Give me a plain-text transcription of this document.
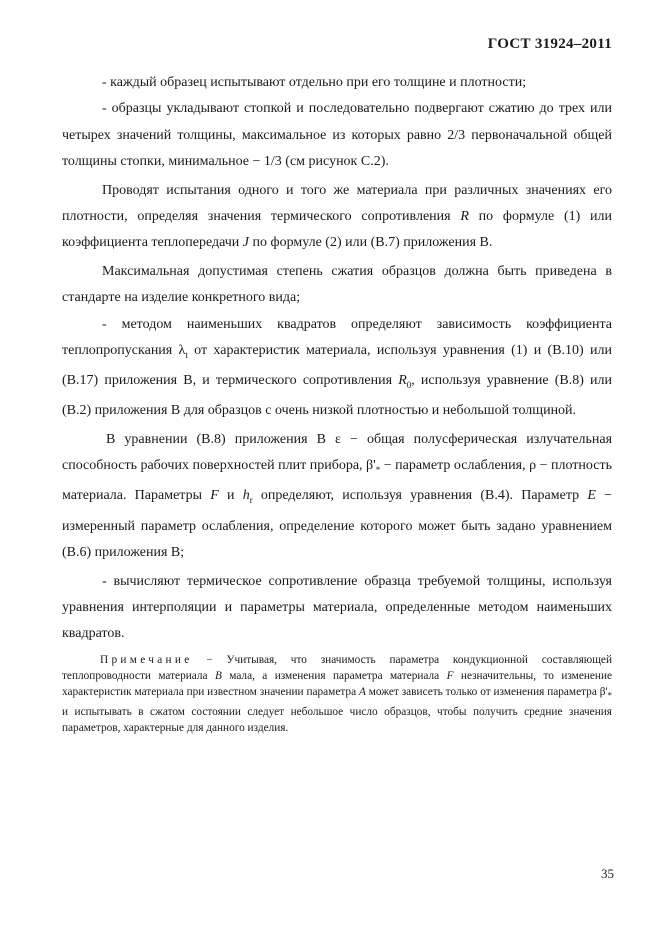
ГОСТ 31924–2011

- каждый образец испытывают отдельно при его толщине и плотности;

- образцы укладывают стопкой и последовательно подвергают сжатию до трех или четырех значений толщины, максимальное из которых равно 2/3 первоначальной общей толщины стопки, минимальное − 1/3 (см рисунок С.2).

Проводят испытания одного и того же материала при различных значениях его плотности, определяя значения термического сопротивления R по формуле (1) или коэффициента теплопередачи J по формуле (2) или (В.7) приложения В.

Максимальная допустимая степень сжатия образцов должна быть приведена в стандарте на изделие конкретного вида;

- методом наименьших квадратов определяют зависимость коэффициента теплопропускания $\lambda_t$ от характеристик материала, используя уравнения (1) и (В.10) или (В.17) приложения В, и термического сопротивления $R_0$, используя уравнение (В.8) или (В.2) приложения В для образцов с очень низкой плотностью и небольшой толщиной.

В уравнении (В.8) приложения В ε − общая полусферическая излучательная способность рабочих поверхностей плит прибора, $\beta'_*$ − параметр ослабления, ρ − плотность материала. Параметры F и $h_r$ определяют, используя уравнения (В.4). Параметр E − измеренный параметр ослабления, определение которого может быть задано уравнением (В.6) приложения В;

- вычисляют термическое сопротивление образца требуемой толщины, используя уравнения интерполяции и параметры материала, определенные методом наименьших квадратов.

Примечание − Учитывая, что значимость параметра кондукционной составляющей теплопроводности материала B мала, а изменения параметра материала F незначительны, то изменение характеристик материала при известном значении параметра A может зависеть только от изменения параметра $\beta'_*$ и испытывать в сжатом состоянии следует небольшое число образцов, чтобы получить средние значения параметров, характерные для данного изделия.

35
